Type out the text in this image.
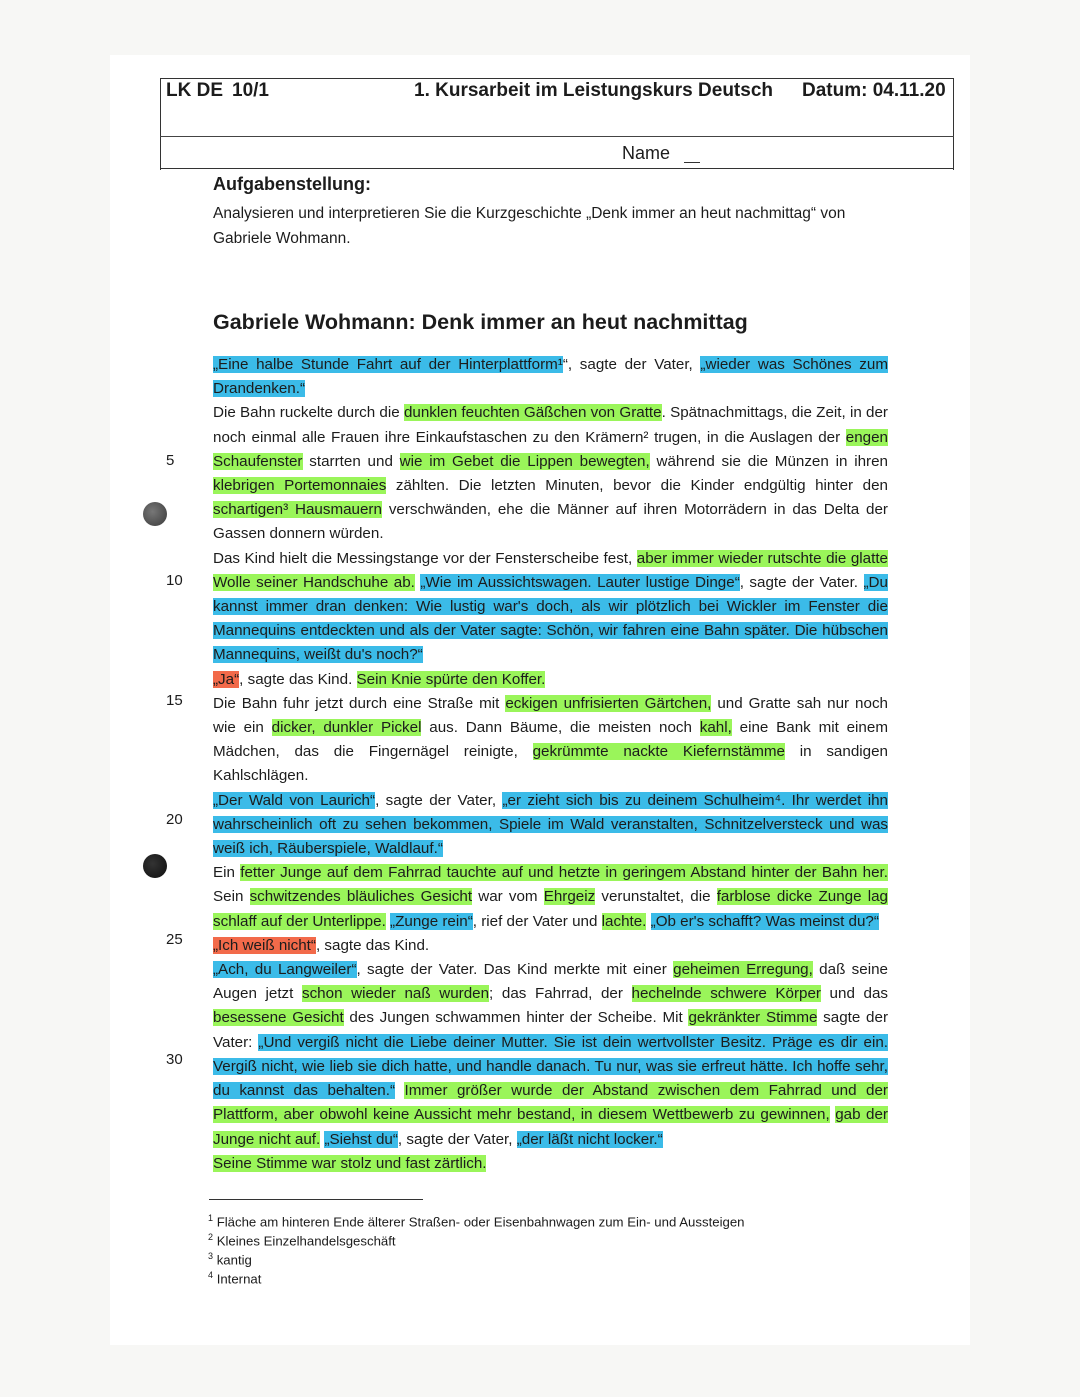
LK DE 10/1	1. Kursarbeit im Leistungskurs Deutsch Datum: 04.11.20
Name
Aufgabenstellung:
Analysieren und interpretieren Sie die Kurzgeschichte „Denk immer an heut nachmittag“ von Gabriele Wohmann.
Gabriele Wohmann: Denk immer an heut nachmittag

„Eine halbe Stunde Fahrt auf der Hinterplattform¹“, sagte der Vater, „wieder was Schönes zum Drandenken.“

Die Bahn ruckelte durch die dunklen feuchten Gäßchen von Gratte. Spätnachmittags, die Zeit, in der noch einmal alle Frauen ihre Einkaufstaschen zu den Krämern² trugen, in die Auslagen der engen Schaufenster starrten und wie im Gebet die Lippen bewegten, während sie die Münzen in ihren klebrigen Portemonnaies zählten. Die letzten Minuten, bevor die Kinder endgültig hinter den schartigen³ Hausmauern verschwänden, ehe die Männer auf ihren Motorrädern in das Delta der Gassen donnern würden.

Das Kind hielt die Messingstange vor der Fensterscheibe fest, aber immer wieder rutschte die glatte Wolle seiner Handschuhe ab. „Wie im Aussichtswagen. Lauter lustige Dinge“, sagte der Vater. „Du kannst immer dran denken: Wie lustig war's doch, als wir plötzlich bei Wickler im Fenster die Mannequins entdeckten und als der Vater sagte: Schön, wir fahren eine Bahn später. Die hübschen Mannequins, weißt du's noch?“

„Ja“, sagte das Kind. Sein Knie spürte den Koffer.

Die Bahn fuhr jetzt durch eine Straße mit eckigen unfrisierten Gärtchen, und Gratte sah nur noch wie ein dicker, dunkler Pickel aus. Dann Bäume, die meisten noch kahl, eine Bank mit einem Mädchen, das die Fingernägel reinigte, gekrümmte nackte Kiefernstämme in sandigen Kahlschlägen.

„Der Wald von Laurich“, sagte der Vater, „er zieht sich bis zu deinem Schulheim⁴. Ihr werdet ihn wahrscheinlich oft zu sehen bekommen, Spiele im Wald veranstalten, Schnitzelversteck und was weiß ich, Räuberspiele, Waldlauf.“

Ein fetter Junge auf dem Fahrrad tauchte auf und hetzte in geringem Abstand hinter der Bahn her. Sein schwitzendes bläuliches Gesicht war vom Ehrgeiz verunstaltet, die farblose dicke Zunge lag schlaff auf der Unterlippe. „Zunge rein“, rief der Vater und lachte. „Ob er's schafft? Was meinst du?“

„Ich weiß nicht“, sagte das Kind.

„Ach, du Langweiler“, sagte der Vater. Das Kind merkte mit einer geheimen Erregung, daß seine Augen jetzt schon wieder naß wurden; das Fahrrad, der hechelnde schwere Körper und das besessene Gesicht des Jungen schwammen hinter der Scheibe. Mit gekränkter Stimme sagte der Vater: „Und vergiß nicht die Liebe deiner Mutter. Sie ist dein wertvollster Besitz. Präge es dir ein. Vergiß nicht, wie lieb sie dich hatte, und handle danach. Tu nur, was sie erfreut hätte. Ich hoffe sehr, du kannst das behalten.“ Immer größer wurde der Abstand zwischen dem Fahrrad und der Plattform, aber obwohl keine Aussicht mehr bestand, in diesem Wettbewerb zu gewinnen, gab der Junge nicht auf. „Siehst du“, sagte der Vater, „der läßt nicht locker.“

Seine Stimme war stolz und fast zärtlich.

5
10
15
20
25
30
$^1$ Fläche am hinteren Ende älterer Straßen- oder Eisenbahnwagen zum Ein- und Aussteigen
$^2$ Kleines Einzelhandelsgeschäft
$^3$ kantig
$^4$ Internat
